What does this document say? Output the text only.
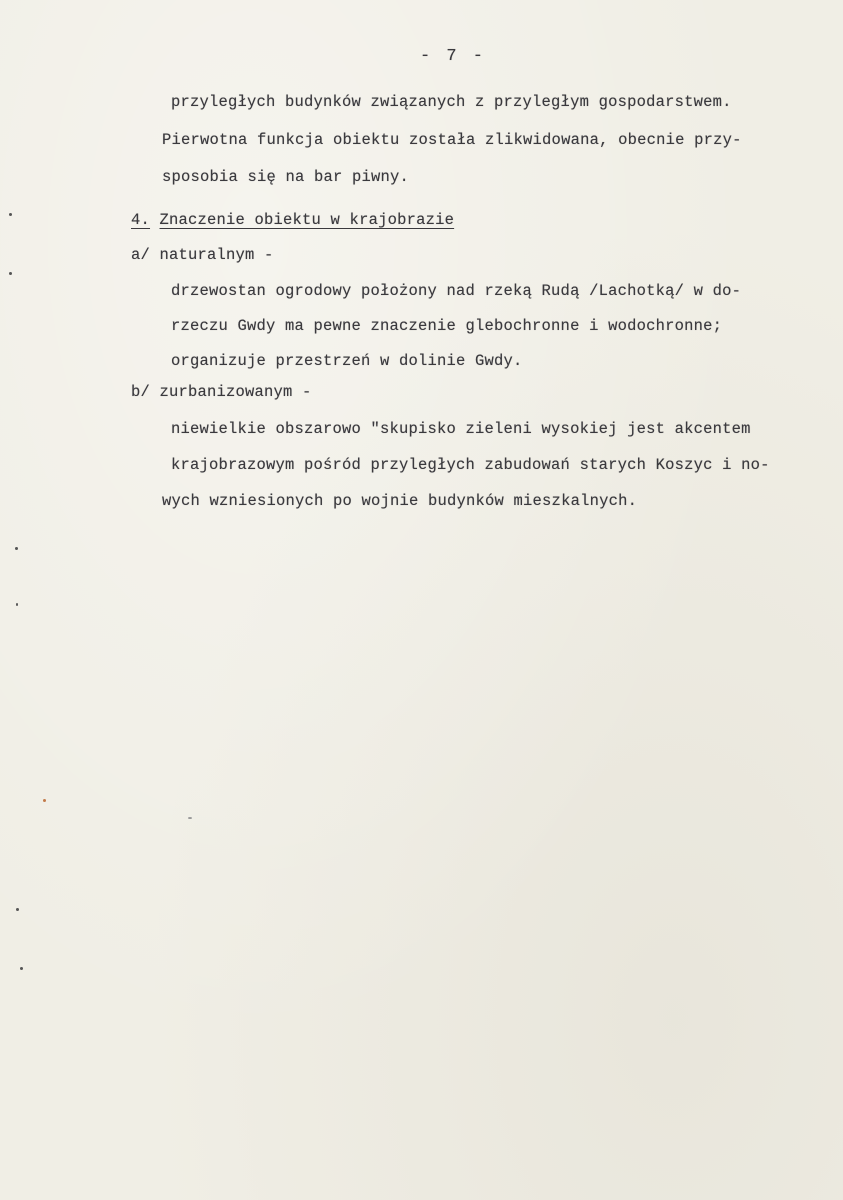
- 7 -
przyległych budynków związanych z przyległym gospodarstwem.
Pierwotna funkcja obiektu została zlikwidowana, obecnie przy-
sposobia się na bar piwny.
4. Znaczenie obiektu w krajobrazie
a/ naturalnym -
drzewostan ogrodowy położony nad rzeką Rudą /Lachotką/ w do-
rzeczu Gwdy ma pewne znaczenie glebochronne i wodochronne;
organizuje przestrzeń w dolinie Gwdy.
b/ zurbanizowanym -
niewielkie obszarowo "skupisko zieleni wysokiej jest akcentem
krajobrazowym pośród przyległych zabudowań starych Koszyc i no-
wych wzniesionych po wojnie budynków mieszkalnych.
